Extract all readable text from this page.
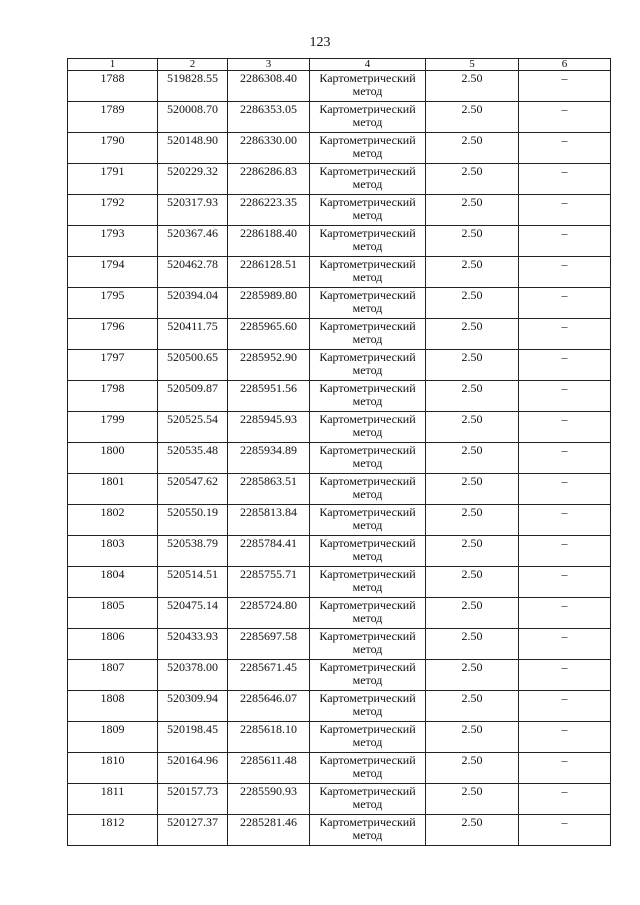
123
1	2	3	4	5	6
1788	519828.55	2286308.40	Картометрический метод	2.50	–
1789	520008.70	2286353.05	Картометрический метод	2.50	–
1790	520148.90	2286330.00	Картометрический метод	2.50	–
1791	520229.32	2286286.83	Картометрический метод	2.50	–
1792	520317.93	2286223.35	Картометрический метод	2.50	–
1793	520367.46	2286188.40	Картометрический метод	2.50	–
1794	520462.78	2286128.51	Картометрический метод	2.50	–
1795	520394.04	2285989.80	Картометрический метод	2.50	–
1796	520411.75	2285965.60	Картометрический метод	2.50	–
1797	520500.65	2285952.90	Картометрический метод	2.50	–
1798	520509.87	2285951.56	Картометрический метод	2.50	–
1799	520525.54	2285945.93	Картометрический метод	2.50	–
1800	520535.48	2285934.89	Картометрический метод	2.50	–
1801	520547.62	2285863.51	Картометрический метод	2.50	–
1802	520550.19	2285813.84	Картометрический метод	2.50	–
1803	520538.79	2285784.41	Картометрический метод	2.50	–
1804	520514.51	2285755.71	Картометрический метод	2.50	–
1805	520475.14	2285724.80	Картометрический метод	2.50	–
1806	520433.93	2285697.58	Картометрический метод	2.50	–
1807	520378.00	2285671.45	Картометрический метод	2.50	–
1808	520309.94	2285646.07	Картометрический метод	2.50	–
1809	520198.45	2285618.10	Картометрический метод	2.50	–
1810	520164.96	2285611.48	Картометрический метод	2.50	–
1811	520157.73	2285590.93	Картометрический метод	2.50	–
1812	520127.37	2285281.46	Картометрический метод	2.50	–
